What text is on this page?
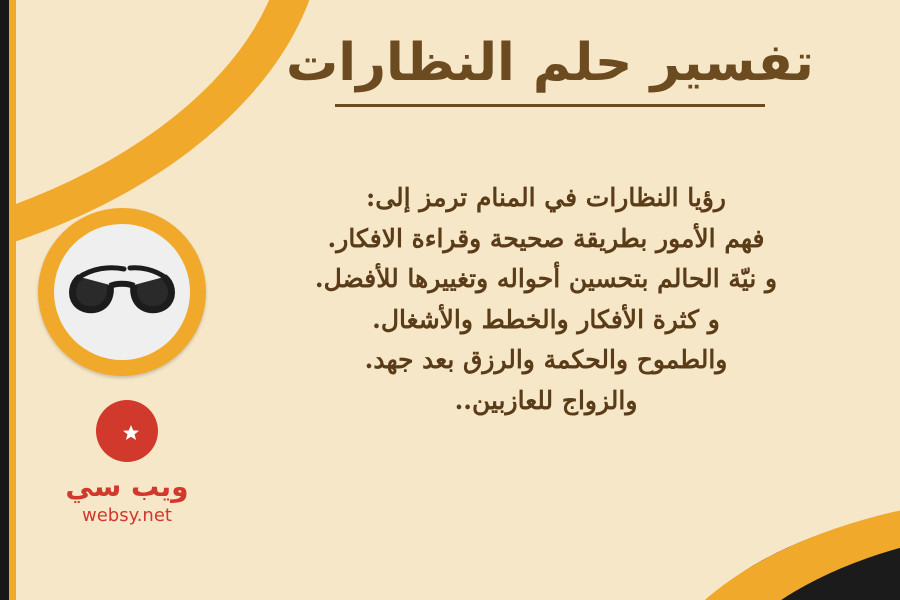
تفسير حلم النظارات
رؤيا النظارات في المنام ترمز إلى:
فهم الأمور بطريقة صحيحة وقراءة الافكار.
و نيّة الحالم بتحسين أحواله وتغييرها للأفضل.
و كثرة الأفكار والخطط والأشغال.
والطموح والحكمة والرزق بعد جهد.
والزواج للعازبين..
ويب سي
websy.net
